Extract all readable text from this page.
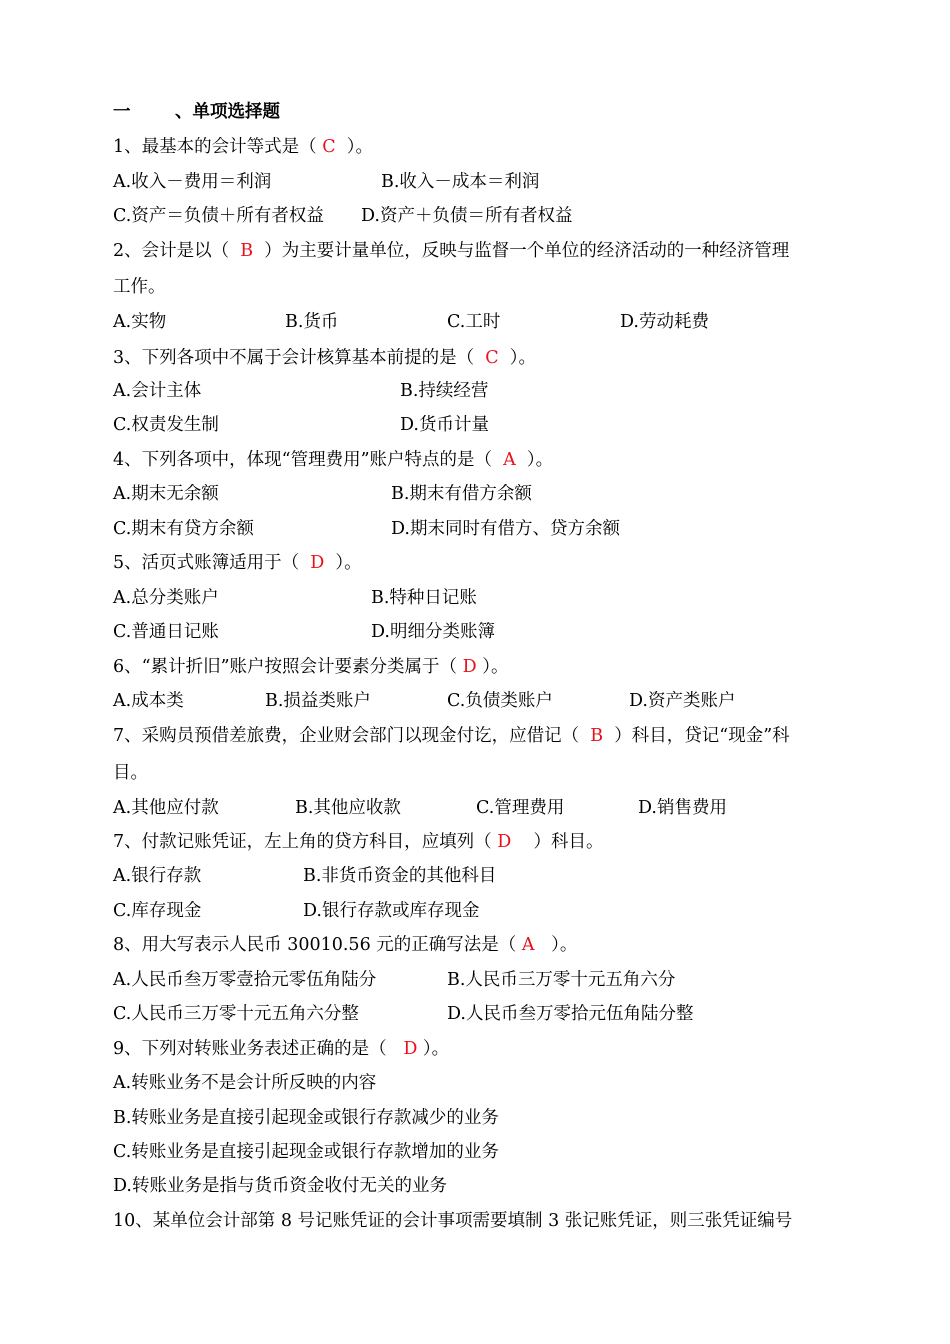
一	、单项选择题
1、最基本的会计等式是（ C  ）。
A.收入－费用＝利润	B.收入－成本＝利润
C.资产＝负债＋所有者权益 D.资产＋负债＝所有者权益
2、会计是以（  B  ）为主要计量单位，反映与监督一个单位的经济活动的一种经济管理
工作。
A.实物	B.货币	C.工时	D.劳动耗费
3、下列各项中不属于会计核算基本前提的是（  C  ）。
A.会计主体	B.持续经营
C.权责发生制	D.货币计量
4、下列各项中，体现“管理费用”账户特点的是（  A  ）。
A.期末无余额	B.期末有借方余额
C.期末有贷方余额	D.期末同时有借方、贷方余额
5、活页式账簿适用于（  D  ）。
A.总分类账户	B.特种日记账
C.普通日记账	D.明细分类账簿
6、“累计折旧”账户按照会计要素分类属于（ D ）。
A.成本类	B.损益类账户	C.负债类账户	D.资产类账户
7、采购员预借差旅费，企业财会部门以现金付讫，应借记（  B  ）科目，贷记“现金”科
目。
A.其他应付款	B.其他应收款	C.管理费用	D.销售费用
7、付款记账凭证，左上角的贷方科目，应填列（ D    ）科目。
A.银行存款	B.非货币资金的其他科目
C.库存现金	D.银行存款或库存现金
8、用大写表示人民币 30010.56 元的正确写法是（ A   ）。
A.人民币叁万零壹拾元零伍角陆分	B.人民币三万零十元五角六分
C.人民币三万零十元五角六分整	D.人民币叁万零拾元伍角陆分整
9、下列对转账业务表述正确的是（   D ）。
A.转账业务不是会计所反映的内容
B.转账业务是直接引起现金或银行存款减少的业务
C.转账业务是直接引起现金或银行存款增加的业务
D.转账业务是指与货币资金收付无关的业务
10、某单位会计部第 8 号记账凭证的会计事项需要填制 3 张记账凭证，则三张凭证编号
